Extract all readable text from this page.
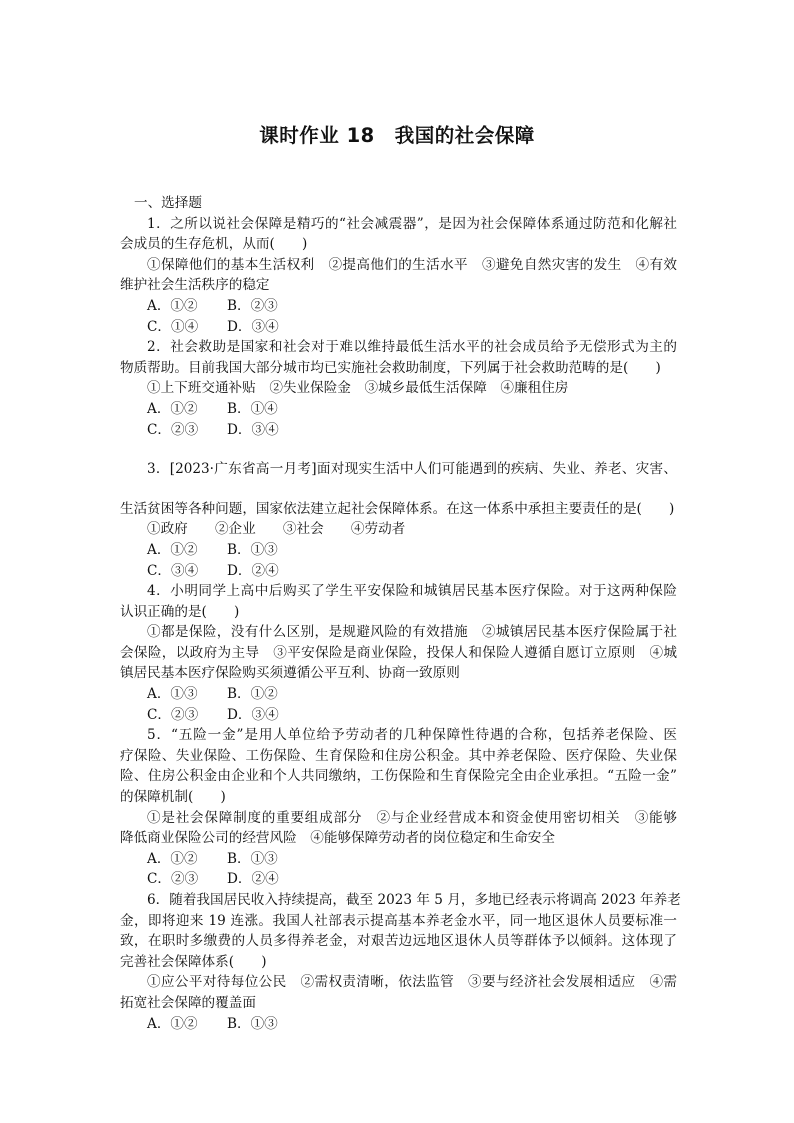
课时作业 18　我国的社会保障
一、选择题
1．之所以说社会保障是精巧的“社会减震器”，是因为社会保障体系通过防范和化解社
会成员的生存危机，从而(　　)
①保障他们的基本生活权利　②提高他们的生活水平　③避免自然灾害的发生　④有效
维护社会生活秩序的稳定
A．①② B．②③
C．①④ D．③④
2．社会救助是国家和社会对于难以维持最低生活水平的社会成员给予无偿形式为主的
物质帮助。目前我国大部分城市均已实施社会救助制度，下列属于社会救助范畴的是(　　)
①上下班交通补贴　②失业保险金　③城乡最低生活保障　④廉租住房
A．①② B．①④
C．②③ D．③④
3．[2023·广东省高一月考]面对现实生活中人们可能遇到的疾病、失业、养老、灾害、
生活贫困等各种问题，国家依法建立起社会保障体系。在这一体系中承担主要责任的是(　　)
①政府　　②企业　　③社会　　④劳动者
A．①② B．①③
C．③④ D．②④
4．小明同学上高中后购买了学生平安保险和城镇居民基本医疗保险。对于这两种保险
认识正确的是(　　)
①都是保险，没有什么区别，是规避风险的有效措施　②城镇居民基本医疗保险属于社
会保险，以政府为主导　③平安保险是商业保险，投保人和保险人遵循自愿订立原则　④城
镇居民基本医疗保险购买须遵循公平互利、协商一致原则
A．①③ B．①②
C．②③ D．③④
5．“五险一金”是用人单位给予劳动者的几种保障性待遇的合称，包括养老保险、医
疗保险、失业保险、工伤保险、生育保险和住房公积金。其中养老保险、医疗保险、失业保
险、住房公积金由企业和个人共同缴纳，工伤保险和生育保险完全由企业承担。“五险一金”
的保障机制(　　)
①是社会保障制度的重要组成部分　②与企业经营成本和资金使用密切相关　③能够
降低商业保险公司的经营风险　④能够保障劳动者的岗位稳定和生命安全
A．①② B．①③
C．②③ D．②④
6．随着我国居民收入持续提高，截至 2023 年 5 月，多地已经表示将调高 2023 年养老
金，即将迎来 19 连涨。我国人社部表示提高基本养老金水平，同一地区退休人员要标准一
致，在职时多缴费的人员多得养老金，对艰苦边远地区退休人员等群体予以倾斜。这体现了
完善社会保障体系(　　)
①应公平对待每位公民　②需权责清晰，依法监管　③要与经济社会发展相适应　④需
拓宽社会保障的覆盖面
A．①② B．①③
